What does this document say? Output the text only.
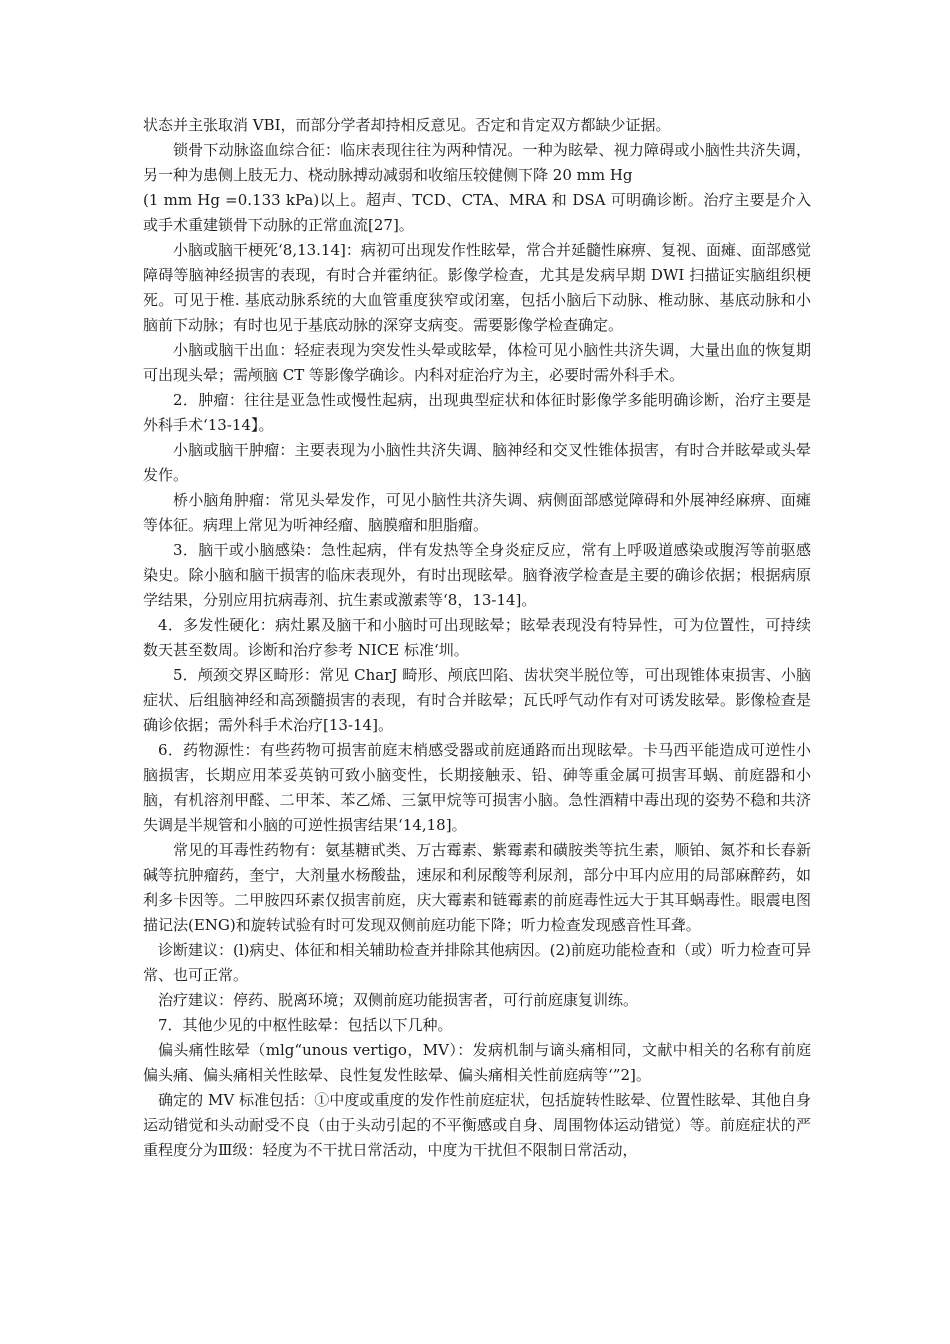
状态并主张取消 VBI，而部分学者却持相反意见。否定和肯定双方都缺少证据。

锁骨下动脉盗血综合征：临床表现往往为两种情况。一种为眩晕、视力障碍或小脑性共济失调，另一种为患侧上肢无力、桡动脉搏动减弱和收缩压较健侧下降 20 mm Hg

(1 mm Hg =0.133 kPa)以上。超声、TCD、CTA、MRA 和 DSA 可明确诊断。治疗主要是介入或手术重建锁骨下动脉的正常血流[27]。

小脑或脑干梗死‘8,13.14]：病初可出现发作性眩晕，常合并延髓性麻痹、复视、面瘫、面部感觉障碍等脑神经损害的表现，有时合并霍纳征。影像学检查，尤其是发病早期 DWI 扫描证实脑组织梗死。可见于椎. 基底动脉系统的大血管重度狭窄或闭塞，包括小脑后下动脉、椎动脉、基底动脉和小脑前下动脉；有时也见于基底动脉的深穿支病变。需要影像学检查确定。

小脑或脑干出血：轻症表现为突发性头晕或眩晕，体检可见小脑性共济失调，大量出血的恢复期可出现头晕；需颅脑 CT 等影像学确诊。内科对症治疗为主，必要时需外科手术。

2．肿瘤：往往是亚急性或慢性起病，出现典型症状和体征时影像学多能明确诊断，治疗主要是外科手术‘13-14】。

小脑或脑干肿瘤：主要表现为小脑性共济失调、脑神经和交叉性锥体损害，有时合并眩晕或头晕发作。

桥小脑角肿瘤：常见头晕发作，可见小脑性共济失调、病侧面部感觉障碍和外展神经麻痹、面瘫等体征。病理上常见为听神经瘤、脑膜瘤和胆脂瘤。

3．脑干或小脑感染：急性起病，伴有发热等全身炎症反应，常有上呼吸道感染或腹泻等前驱感染史。除小脑和脑干损害的临床表现外，有时出现眩晕。脑脊液学检查是主要的确诊依据；根据病原学结果，分别应用抗病毒剂、抗生素或激素等‘8，13-14]。

4．多发性硬化：病灶累及脑干和小脑时可出现眩晕；眩晕表现没有特异性，可为位置性，可持续数天甚至数周。诊断和治疗参考 NICE 标准‘圳。

5．颅颈交界区畸形：常见 CharJ 畸形、颅底凹陷、齿状突半脱位等，可出现锥体束损害、小脑症状、后组脑神经和高颈髓损害的表现，有时合并眩晕；瓦氏呼气动作有对可诱发眩晕。影像检查是确诊依据；需外科手术治疗[13-14]。

6．药物源性：有些药物可损害前庭末梢感受器或前庭通路而出现眩晕。卡马西平能造成可逆性小脑损害，长期应用苯妥英钠可致小脑变性，长期接触汞、铅、砷等重金属可损害耳蜗、前庭器和小脑，有机溶剂甲醛、二甲苯、苯乙烯、三氯甲烷等可损害小脑。急性酒精中毒出现的姿势不稳和共济失调是半规管和小脑的可逆性损害结果‘14,18]。

常见的耳毒性药物有：氨基糖甙类、万古霉素、紫霉素和磺胺类等抗生素，顺铂、氮芥和长春新碱等抗肿瘤药，奎宁，大剂量水杨酸盐，速尿和利尿酸等利尿剂，部分中耳内应用的局部麻醉药，如利多卡因等。二甲胺四环素仅损害前庭，庆大霉素和链霉素的前庭毒性远大于其耳蜗毒性。眼震电图描记法(ENG)和旋转试验有时可发现双侧前庭功能下降；听力检查发现感音性耳聋。

诊断建议：(l)病史、体征和相关辅助检查并排除其他病因。(2)前庭功能检查和（或）听力检查可异常、也可正常。

治疗建议：停药、脱离环境；双侧前庭功能损害者，可行前庭康复训练。

7．其他少见的中枢性眩晕：包括以下几种。

偏头痛性眩晕（mlg“unous vertigo，MV）：发病机制与谪头痛相同，文献中相关的名称有前庭偏头痛、偏头痛相关性眩晕、良性复发性眩晕、偏头痛相关性前庭病等‘”2]。

确定的 MV 标准包括：①中度或重度的发作性前庭症状，包括旋转性眩晕、位置性眩晕、其他自身运动错觉和头动耐受不良（由于头动引起的不平衡感或自身、周围物体运动错觉）等。前庭症状的严重程度分为Ⅲ级：轻度为不干扰日常活动，中度为干扰但不限制日常活动，
